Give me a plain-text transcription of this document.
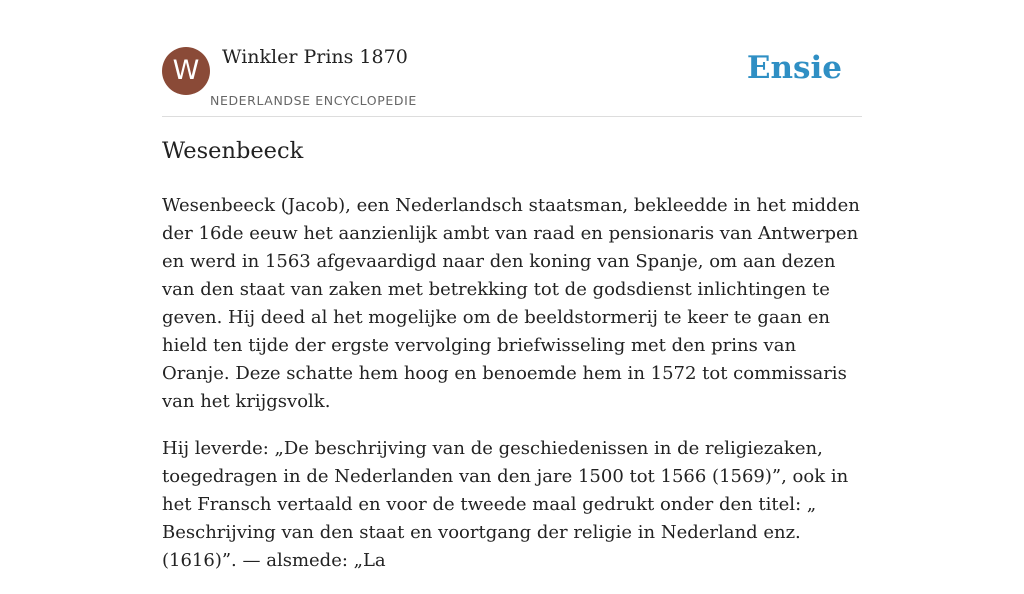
W	Winkler Prins 1870
NEDERLANDSE ENCYCLOPEDIE
Ensie
Wesenbeeck

Wesenbeeck (Jacob), een Nederlandsch staatsman, bekleedde in het midden der 16de eeuw het aanzienlijk ambt van raad en pensionaris van Antwerpen en werd in 1563 afgevaardigd naar den koning van Spanje, om aan dezen van den staat van zaken met betrekking tot de godsdienst inlichtingen te geven. Hij deed al het mogelijke om de beeldstormerij te keer te gaan en hield ten tijde der ergste vervolging briefwisseling met den prins van Oranje. Deze schatte hem hoog en benoemde hem in 1572 tot commissaris van het krijgsvolk.

Hij leverde: „De beschrijving van de geschiedenissen in de religiezaken, toegedragen in de Nederlanden van den jare 1500 tot 1566 (1569)”, ook in het Fransch vertaald en voor de tweede maal gedrukt onder den titel: „ Beschrijving van den staat en voortgang der religie in Nederland enz. (1616)”. — alsmede: „La
